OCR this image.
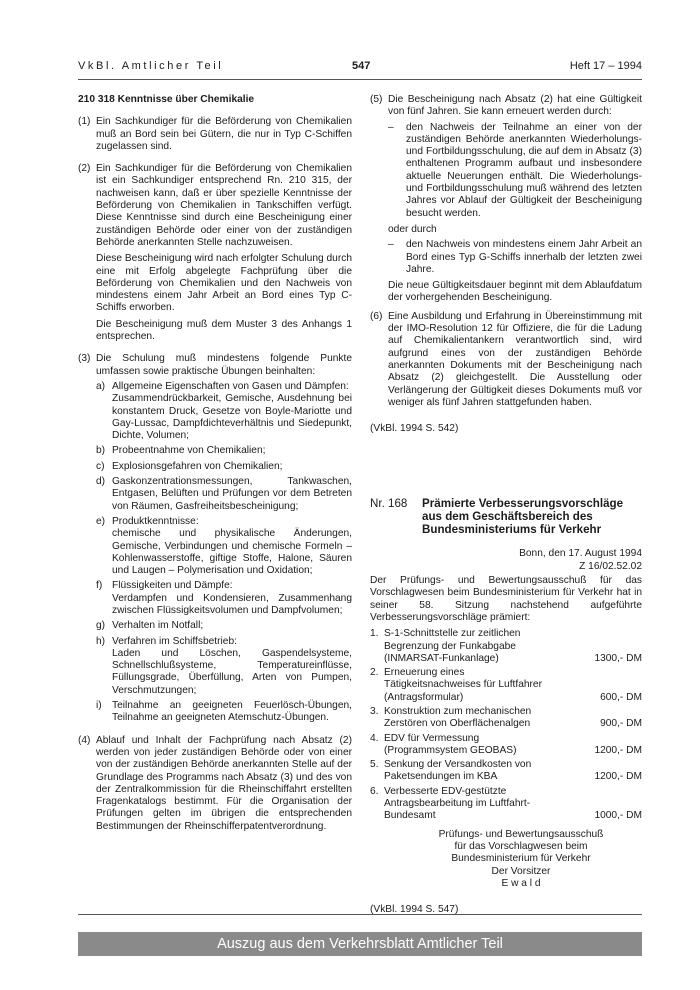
VkBl. Amtlicher Teil	547	Heft 17 – 1994

210 318 Kenntnisse über Chemikalie

(1) Ein Sachkundiger für die Beförderung von Chemikalien muß an Bord sein bei Gütern, die nur in Typ C-Schiffen zugelassen sind.

(2) Ein Sachkundiger für die Beförderung von Chemikalien ist ein Sachkundiger entsprechend Rn. 210 315, der nachweisen kann, daß er über spezielle Kenntnisse der Beförderung von Chemikalien in Tankschiffen verfügt. Diese Kenntnisse sind durch eine Bescheinigung einer zuständigen Behörde oder einer von der zuständigen Behörde anerkannten Stelle nachzuweisen.

Diese Bescheinigung wird nach erfolgter Schulung durch eine mit Erfolg abgelegte Fachprüfung über die Beförderung von Chemikalien und den Nachweis von mindestens einem Jahr Arbeit an Bord eines Typ C-Schiffs erworben.

Die Bescheinigung muß dem Muster 3 des Anhangs 1 entsprechen.

(3) Die Schulung muß mindestens folgende Punkte umfassen sowie praktische Übungen beinhalten:

a) Allgemeine Eigenschaften von Gasen und Dämpfen:

Zusammendrückbarkeit, Gemische, Ausdehnung bei konstantem Druck, Gesetze von Boyle-Mariotte und Gay-Lussac, Dampfdichteverhältnis und Siedepunkt, Dichte, Volumen;

b) Probeentnahme von Chemikalien;

c) Explosionsgefahren von Chemikalien;

d) Gaskonzentrationsmessungen, Tankwaschen, Entgasen, Belüften und Prüfungen vor dem Betreten von Räumen, Gasfreiheitsbescheinigung;

e) Produktkenntnisse:

chemische und physikalische Änderungen, Gemische, Verbindungen und chemische Formeln – Kohlenwasserstoffe, giftige Stoffe, Halone, Säuren und Laugen – Polymerisation und Oxidation;

f) Flüssigkeiten und Dämpfe:

Verdampfen und Kondensieren, Zusammenhang zwischen Flüssigkeitsvolumen und Dampfvolumen;

g) Verhalten im Notfall;

h) Verfahren im Schiffsbetrieb:

Laden und Löschen, Gaspendelsysteme, Schnellschlußsysteme, Temperatureinflüsse, Füllungsgrade, Überfüllung, Arten von Pumpen, Verschmutzungen;

i)	Teilnahme an geeigneten Feuerlösch-Übungen, Teilnahme an geeigneten Atemschutz-Übungen.

(4) Ablauf und Inhalt der Fachprüfung nach Absatz (2) werden von jeder zuständigen Behörde oder von einer von der zuständigen Behörde anerkannten Stelle auf der Grundlage des Programms nach Absatz (3) und des von der Zentralkommission für die Rheinschiffahrt erstellten Fragenkatalogs bestimmt. Für die Organisation der Prüfungen gelten im übrigen die entsprechenden Bestimmungen der Rheinschifferpatentverordnung.

(5) Die Bescheinigung nach Absatz (2) hat eine Gültigkeit von fünf Jahren. Sie kann erneuert werden durch:

–	den Nachweis der Teilnahme an einer von der zuständigen Behörde anerkannten Wiederholungs- und Fortbildungsschulung, die auf dem in Absatz (3) enthaltenen Programm aufbaut und insbesondere aktuelle Neuerungen enthält. Die Wiederholungs- und Fortbildungsschulung muß während des letzten Jahres vor Ablauf der Gültigkeit der Bescheinigung besucht werden.

oder durch

–	den Nachweis von mindestens einem Jahr Arbeit an Bord eines Typ G-Schiffs innerhalb der letzten zwei Jahre.

Die neue Gültigkeitsdauer beginnt mit dem Ablaufdatum der vorhergehenden Bescheinigung.

(6) Eine Ausbildung und Erfahrung in Übereinstimmung mit der IMO-Resolution 12 für Offiziere, die für die Ladung auf Chemikalientankern verantwortlich sind, wird aufgrund eines von der zuständigen Behörde anerkannten Dokuments mit der Bescheinigung nach Absatz (2) gleichgestellt. Die Ausstellung oder Verlängerung der Gültigkeit dieses Dokuments muß vor weniger als fünf Jahren stattgefunden haben.

(VkBl. 1994 S. 542)

Nr. 168	Prämierte Verbesserungsvorschläge aus dem Geschäftsbereich des Bundesministeriums für Verkehr

Bonn, den 17. August 1994

Z 16/02.52.02

Der Prüfungs- und Bewertungsausschuß für das Vorschlagwesen beim Bundesministerium für Verkehr hat in seiner 58. Sitzung nachstehend aufgeführte Verbesserungsvorschläge prämiert:

1. S-1-Schnittstelle zur zeitlichen Begrenzung der Funkabgabe (INMARSAT-Funkanlage)	1300,- DM
2. Erneuerung eines Tätigkeitsnachweises für Luftfahrer (Antragsformular)	600,- DM
3. Konstruktion zum mechanischen Zerstören von Oberflächenalgen	900,- DM
4. EDV für Vermessung (Programmsystem GEOBAS)	1200,- DM
5. Senkung der Versandkosten von Paketsendungen im KBA	1200,- DM
6. Verbesserte EDV-gestützte Antragsbearbeitung im Luftfahrt-Bundesamt	1000,- DM

Prüfungs- und Bewertungsausschuß

für das Vorschlagwesen beim

Bundesministerium für Verkehr

Der Vorsitzer

E w a l d

(VkBl. 1994 S. 547)

Auszug aus dem Verkehrsblatt Amtlicher Teil
